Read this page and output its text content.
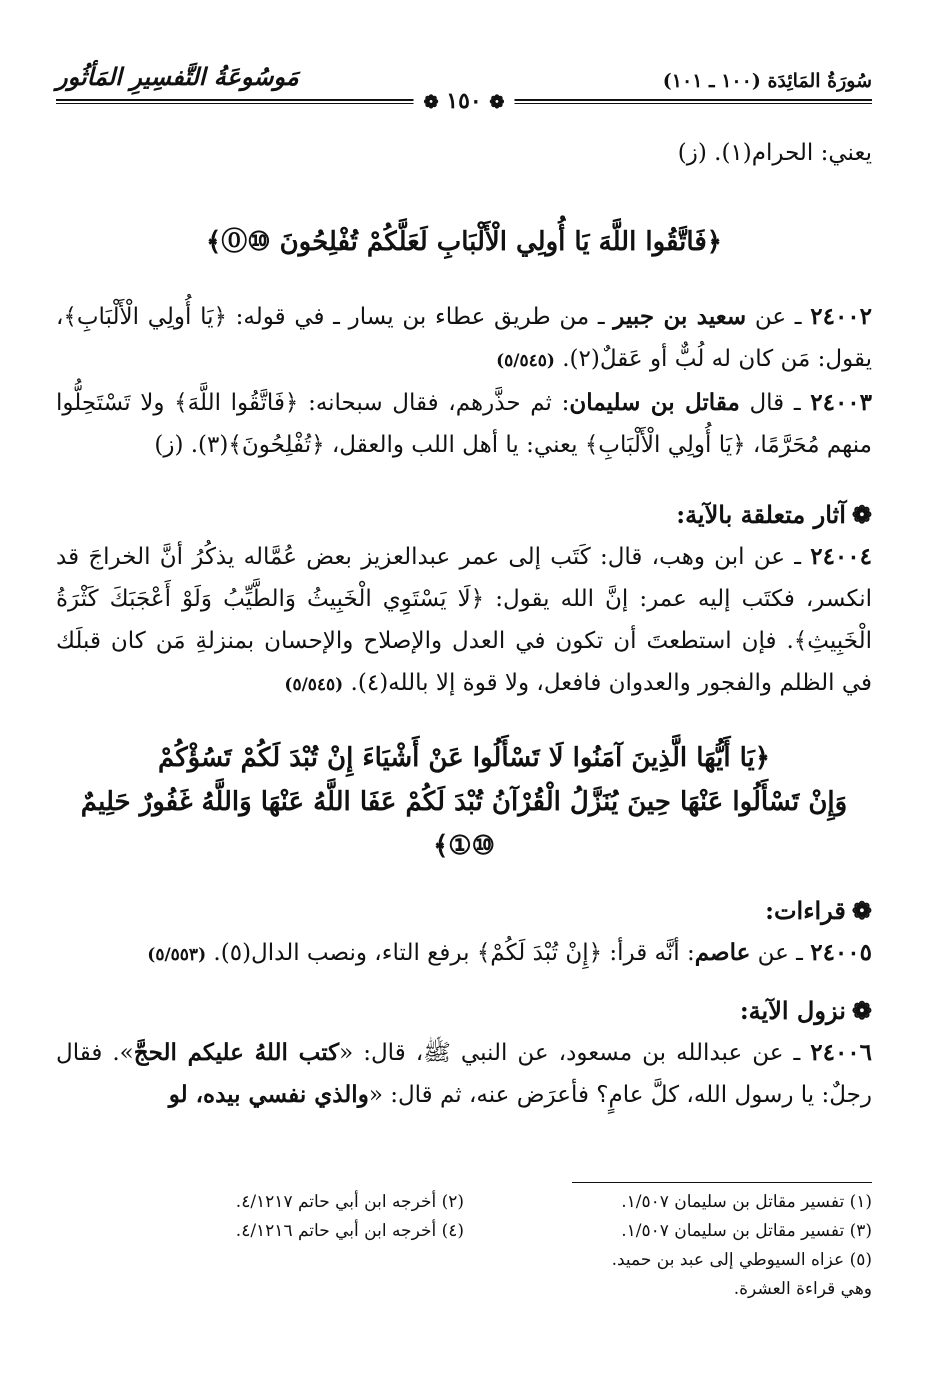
سُورَةُ المَائِدَة (١٠٠ ـ ١٠١)
مَوسُوعَةُ التَّفسِيرِ المَأثُور
❁ ١٥٠ ❁

يعني: الحرام(١). (ز)

﴿فَاتَّقُوا اللَّهَ يَا أُولِي الْأَلْبَابِ لَعَلَّكُمْ تُفْلِحُونَ ⑩⓪﴾

٢٤٠٠٢ ـ عن سعيد بن جبير ـ من طريق عطاء بن يسار ـ في قوله: ﴿يَا أُولِي الْأَلْبَابِ﴾، يقول: مَن كان له لُبٌّ أو عَقلٌ(٢). (٥/٥٤٥)

٢٤٠٠٣ ـ قال مقاتل بن سليمان: ثم حذَّرهم، فقال سبحانه: ﴿فَاتَّقُوا اللَّهَ﴾ ولا تَسْتَحِلُّوا منهم مُحَرَّمًا، ﴿يَا أُولِي الْأَلْبَابِ﴾ يعني: يا أهل اللب والعقل، ﴿تُفْلِحُونَ﴾(٣). (ز)

❁آثار متعلقة بالآية:

٢٤٠٠٤ ـ عن ابن وهب، قال: كَتَب إلى عمر عبدالعزيز بعض عُمَّاله يذكُرُ أنَّ الخراجَ قد انكسر، فكتَب إليه عمر: إنَّ الله يقول: ﴿لَا يَسْتَوِي الْخَبِيثُ وَالطَّيِّبُ وَلَوْ أَعْجَبَكَ كَثْرَةُ الْخَبِيثِ﴾. فإن استطعتَ أن تكون في العدل والإصلاح والإحسان بمنزلةِ مَن كان قبلَك في الظلم والفجور والعدوان فافعل، ولا قوة إلا بالله(٤). (٥/٥٤٥)

﴿يَا أَيُّهَا الَّذِينَ آمَنُوا لَا تَسْأَلُوا عَنْ أَشْيَاءَ إِنْ تُبْدَ لَكُمْ تَسُؤْكُمْ

وَإِنْ تَسْأَلُوا عَنْهَا حِينَ يُنَزَّلُ الْقُرْآنُ تُبْدَ لَكُمْ عَفَا اللَّهُ عَنْهَا وَاللَّهُ غَفُورٌ حَلِيمٌ ⑩①﴾

❁قراءات:

٢٤٠٠٥ ـ عن عاصم: أنَّه قرأ: ﴿إِنْ تُبْدَ لَكُمْ﴾ برفع التاء، ونصب الدال(٥). (٥/٥٥٣)

❁نزول الآية:

٢٤٠٠٦ ـ عن عبدالله بن مسعود، عن النبي ﷺ، قال: «كتب اللهُ عليكم الحجَّ». فقال رجلٌ: يا رسول الله، كلَّ عامٍ؟ فأعرَض عنه، ثم قال: «والذي نفسي بيده، لو

(١) تفسير مقاتل بن سليمان ١/٥٠٧.
(٢) أخرجه ابن أبي حاتم ٤/١٢١٧.
(٣) تفسير مقاتل بن سليمان ١/٥٠٧.
(٤) أخرجه ابن أبي حاتم ٤/١٢١٦.
(٥) عزاه السيوطي إلى عبد بن حميد.
وهي قراءة العشرة.
